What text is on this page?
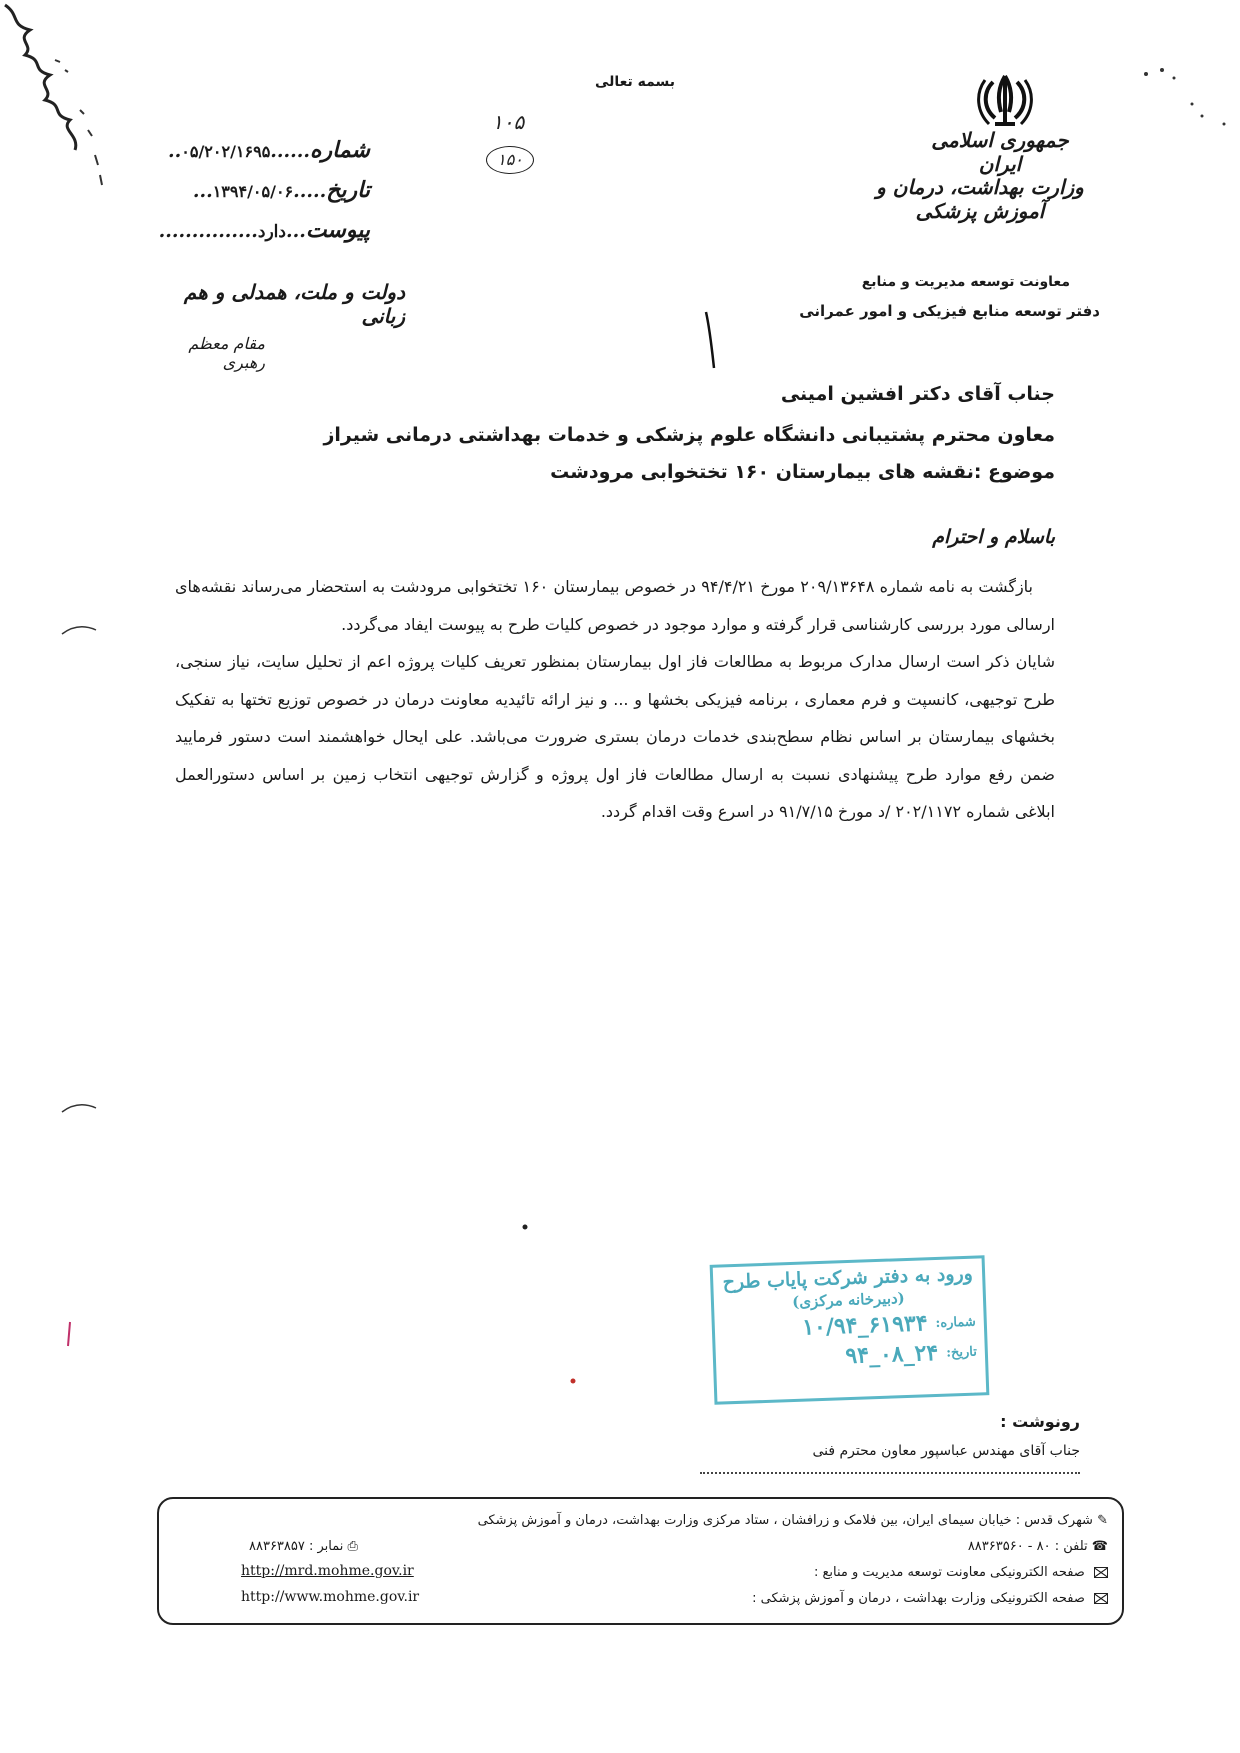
بسمه تعالی
شماره......۰۵/۲۰۲/۱۶۹۵..
تاریخ.....۱۳۹۴/۰۵/۰۶...
پیوست...دارد...............
۱۰۵
۱۵۰
دولت و ملت، همدلی و هم زبانی
مقام معظم رهبری
جمهوری اسلامی ایران
وزارت بهداشت، درمان و آموزش پزشکی
معاونت توسعه مدیریت و منابع
دفتر توسعه منابع فیزیکی و امور عمرانی
جناب آقای دکتر افشین امینی
معاون محترم پشتیبانی دانشگاه علوم پزشکی و خدمات بهداشتی درمانی شیراز
موضوع :نقشه های بیمارستان ۱۶۰ تختخوابی مرودشت
باسلام و احترام

بازگشت به نامه شماره ۲۰۹/۱۳۶۴۸ مورخ ۹۴/۴/۲۱ در خصوص بیمارستان ۱۶۰ تختخوابی مرودشت به استحضار می‌رساند نقشه‌های ارسالی مورد بررسی کارشناسی قرار گرفته و موارد موجود در خصوص کلیات طرح به پیوست ایفاد می‌گردد.

شایان ذکر است ارسال مدارک مربوط به مطالعات فاز اول بیمارستان بمنظور تعریف کلیات پروژه اعم از تحلیل سایت، نیاز سنجی، طرح توجیهی، کانسپت و فرم معماری ، برنامه فیزیکی بخشها و ... و نیز ارائه تائیدیه معاونت درمان در خصوص توزیع تختها به تفکیک بخشهای بیمارستان بر اساس نظام سطح‌بندی خدمات درمان بستری ضرورت می‌باشد. علی ایحال خواهشمند است دستور فرمایید ضمن رفع موارد طرح پیشنهادی نسبت به ارسال مطالعات فاز اول پروژه و گزارش توجیهی انتخاب زمین بر اساس دستورالعمل ابلاغی شماره ۲۰۲/۱۱۷۲ /د مورخ ۹۱/۷/۱۵ در اسرع وقت اقدام گردد.

ورود به دفتر شرکت پایاب طرح
(دبیرخانه مرکزی)
شماره:
۱۰/۹۴_۶۱۹۳۴
تاریخ:
۹۴_۰۸_۲۴
رونوشت :
جناب آقای مهندس عباسپور معاون محترم فنی
✎ شهرک قدس : خیابان سیمای ایران، بین فلامک و زرافشان ، ستاد مرکزی وزارت بهداشت، درمان و آموزش پزشکی
☎ تلفن : ۸۰ - ۸۸۳۶۳۵۶۰
⎙ نمابر : ۸۸۳۶۳۸۵۷
صفحه الکترونیکی معاونت توسعه مدیریت و منابع :
http://mrd.mohme.gov.ir
صفحه الکترونیکی وزارت بهداشت ، درمان و آموزش پزشکی :
http://www.mohme.gov.ir
